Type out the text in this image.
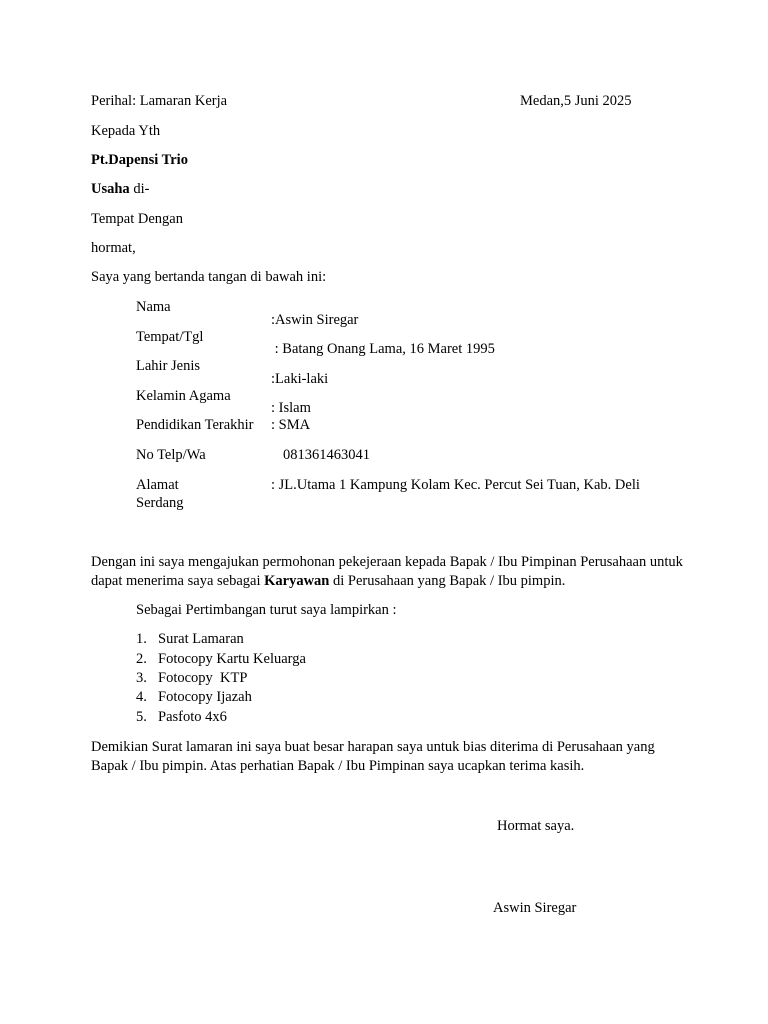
Perihal: Lamaran Kerja	Medan,5 Juni 2025
Kepada Yth
Pt.Dapensi Trio
Usaha di-
Tempat Dengan
hormat,
Saya yang bertanda tangan di bawah ini:
Nama
Tempat/Tgl
Lahir Jenis
Kelamin Agama
Pendidikan Terakhir
No Telp/Wa
Alamat
Serdang
:Aswin Siregar
: Batang Onang Lama, 16 Maret 1995
:Laki-laki
: Islam
: SMA
081361463041
: JL.Utama 1 Kampung Kolam Kec. Percut Sei Tuan, Kab. Deli
Dengan ini saya mengajukan permohonan pekejeraan kepada Bapak / Ibu Pimpinan Perusahaan untuk dapat menerima saya sebagai Karyawan di Perusahaan yang Bapak / Ibu pimpin.
Sebagai Pertimbangan turut saya lampirkan :
1. Surat Lamaran
2. Fotocopy Kartu Keluarga
3. Fotocopy  KTP
4. Fotocopy Ijazah
5. Pasfoto 4x6
Demikian Surat lamaran ini saya buat besar harapan saya untuk bias diterima di Perusahaan yang Bapak / Ibu pimpin. Atas perhatian Bapak / Ibu Pimpinan saya ucapkan terima kasih.
Hormat saya.
Aswin Siregar
